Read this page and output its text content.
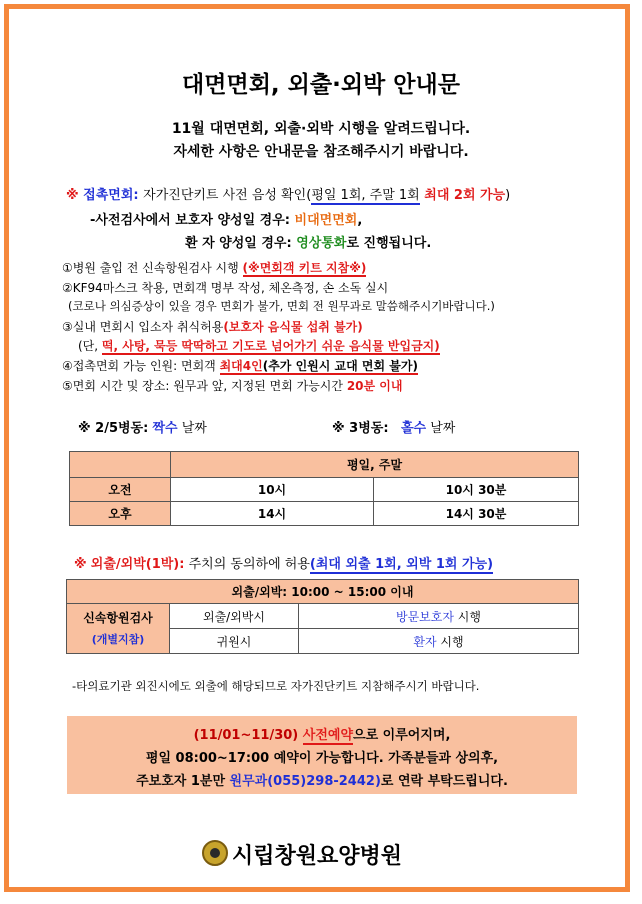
대면면회, 외출·외박 안내문
11월 대면면회, 외출·외박 시행을 알려드립니다.
자세한 사항은 안내문을 참조해주시기 바랍니다.
※ 접촉면회: 자가진단키트 사전 음성 확인(평일 1회, 주말 1회 최대 2회 가능)
-사전검사에서 보호자 양성일 경우: 비대면면회,
환 자 양성일 경우: 영상통화로 진행됩니다.
①병원 출입 전 신속항원검사 시행 (※면회객 키트 지참※)
②KF94마스크 착용, 면회객 명부 작성, 체온측정, 손 소독 실시
(코로나 의심증상이 있을 경우 면회가 불가, 면회 전 원무과로 말씀해주시기바랍니다.)
③실내 면회시 입소자 취식허용(보호자 음식물 섭취 불가)
(단, 떡, 사탕, 묵등 딱딱하고 기도로 넘어가기 쉬운 음식물 반입금지)
④접촉면회 가능 인원: 면회객 최대4인(추가 인원시 교대 면회 불가)
⑤면회 시간 및 장소: 원무과 앞, 지정된 면회 가능시간 20분 이내
※ 2/5병동: 짝수 날짜	※ 3병동: 홀수 날짜
	평일, 주말	
오전	10시	10시 30분
오후	14시	14시 30분
※ 외출/외박(1박): 주치의 동의하에 허용(최대 외출 1회, 외박 1회 가능)
외출/외박: 10:00 ~ 15:00 이내		

신속항원검사
(개별지참)	외출/외박시	방문보호자 시행
	귀원시	환자 시행
-타의료기관 외진시에도 외출에 해당되므로 자가진단키트 지참해주시기 바랍니다.
(11/01~11/30) 사전예약으로 이루어지며,
평일 08:00~17:00 예약이 가능합니다. 가족분들과 상의후,
주보호자 1분만 원무과(055)298-2442)로 연락 부탁드립니다.
시립창원요양병원
